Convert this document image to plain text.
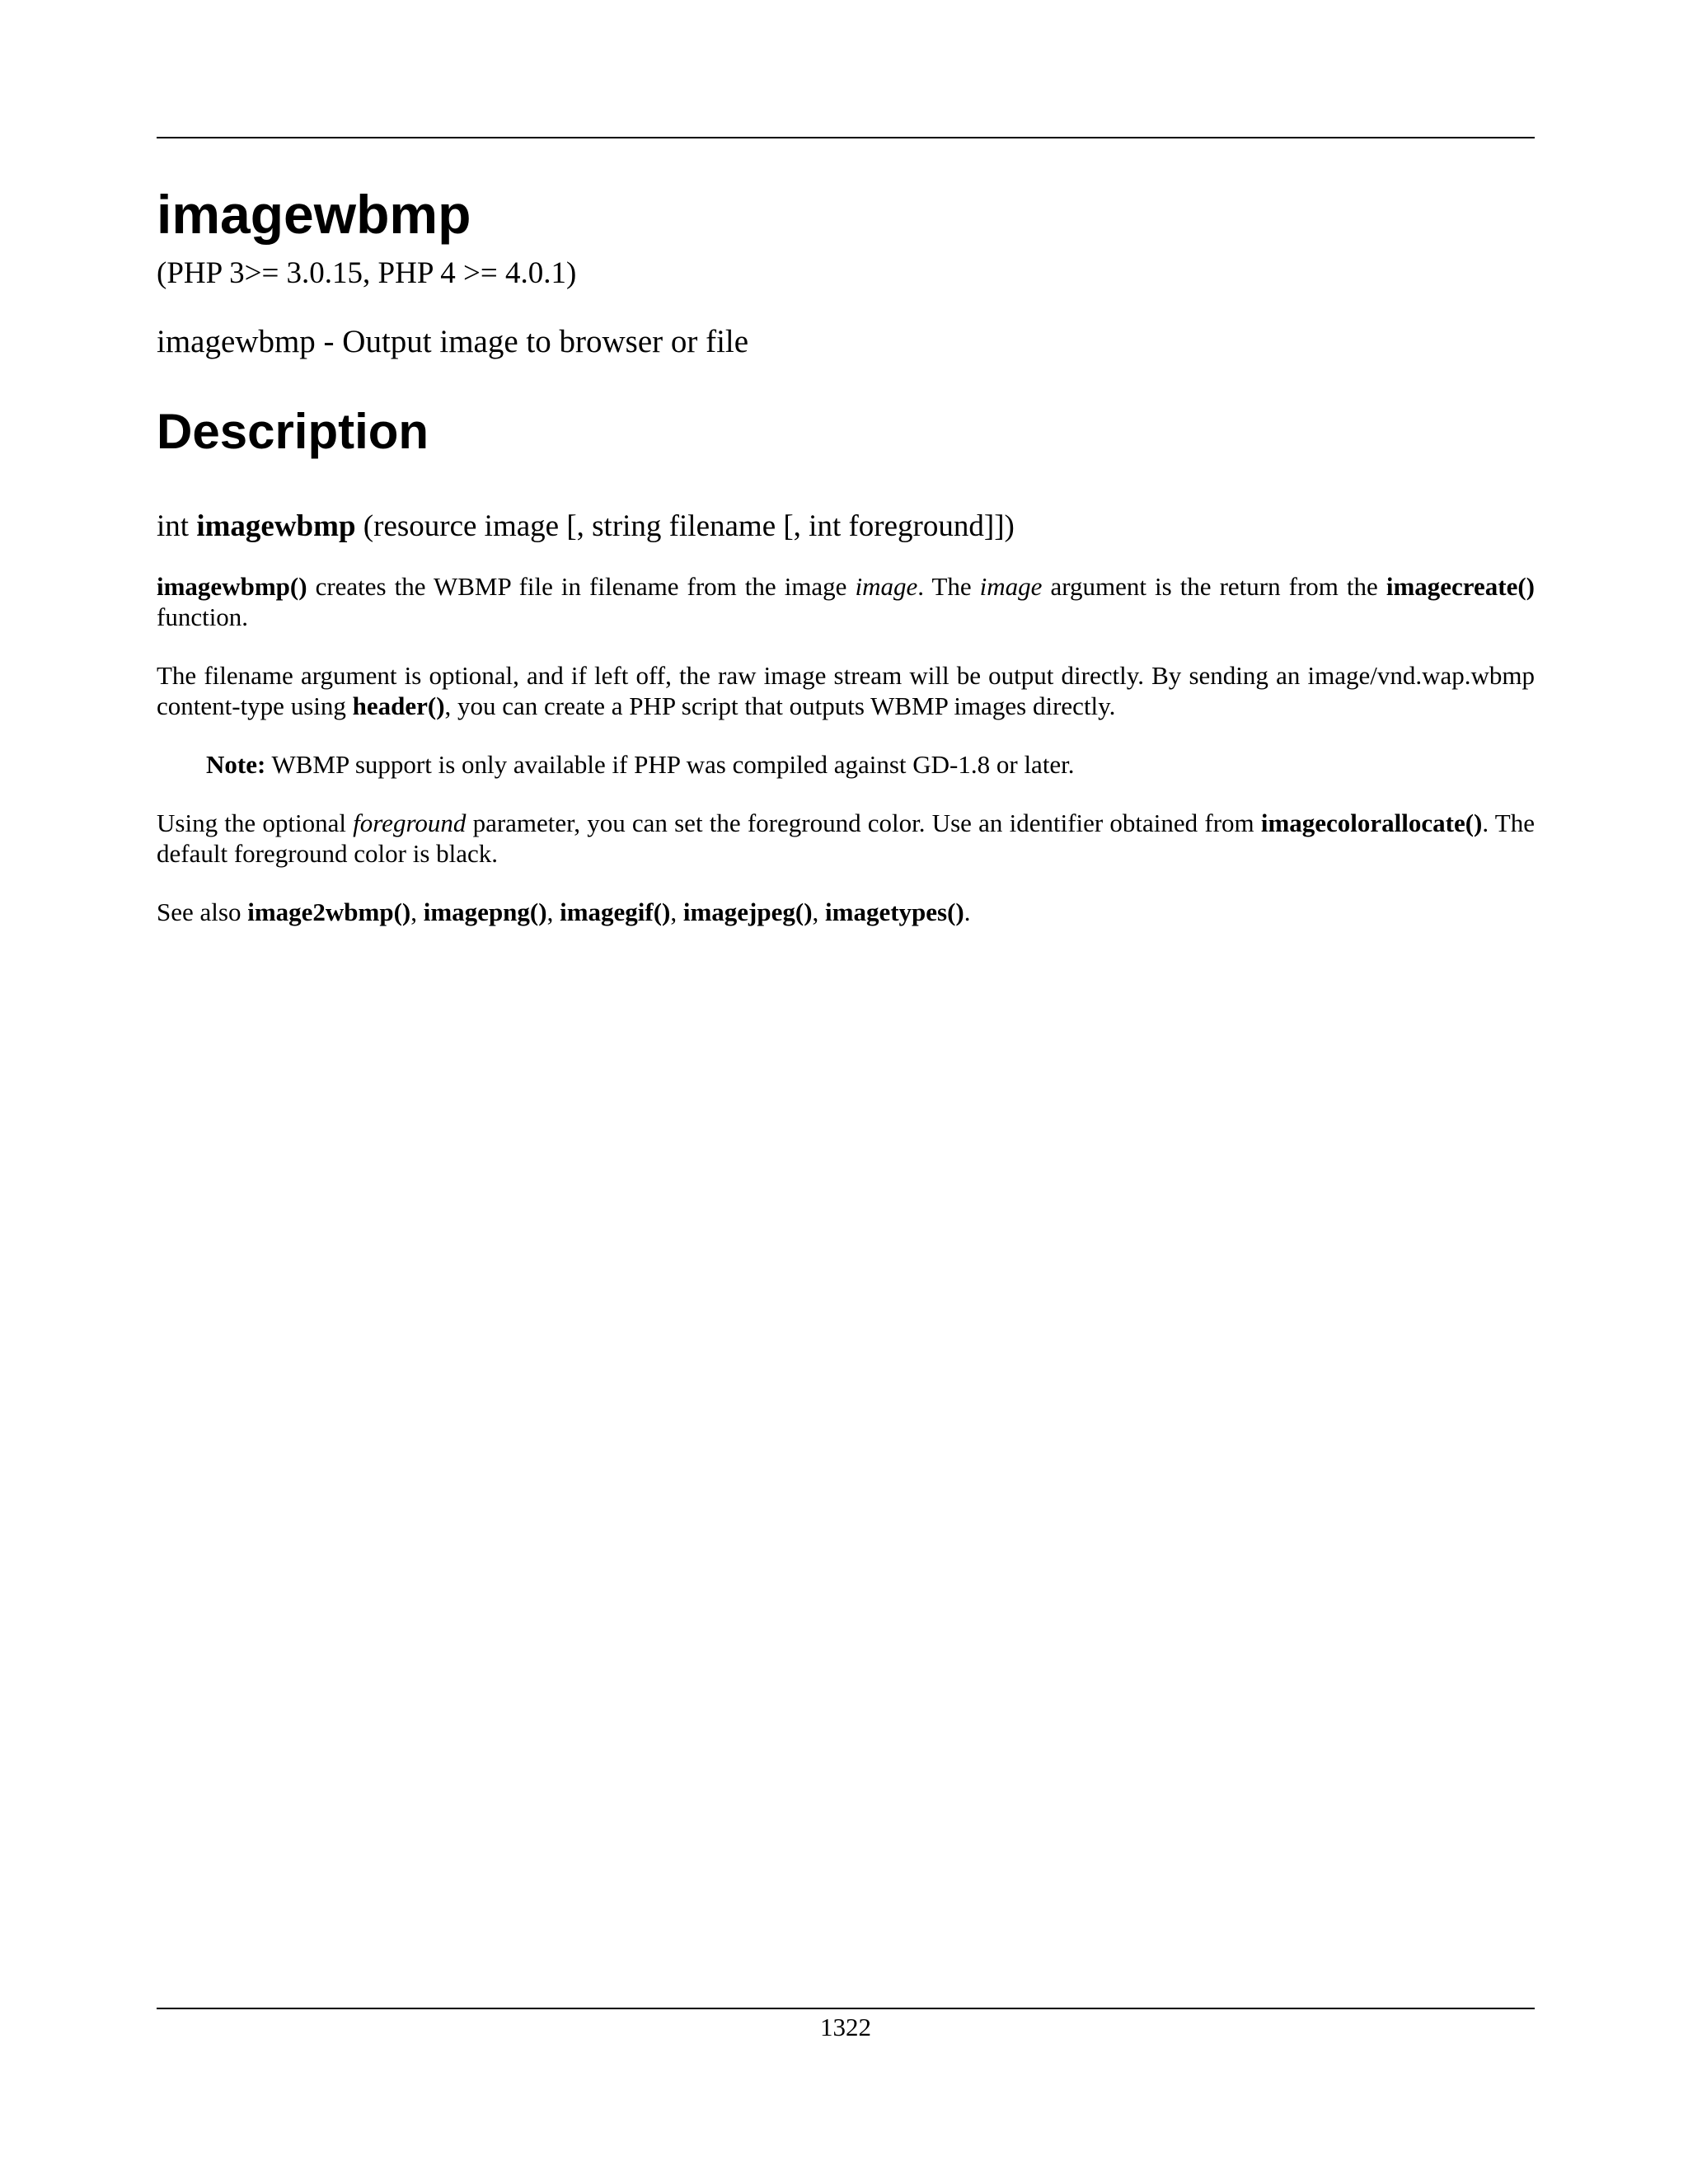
imagewbmp

(PHP 3>= 3.0.15, PHP 4 >= 4.0.1)

imagewbmp - Output image to browser or file

Description

int imagewbmp (resource image [, string filename [, int foreground]])

imagewbmp() creates the WBMP file in filename from the image image. The image argument is the return from the imagecreate() function.

The filename argument is optional, and if left off, the raw image stream will be output directly. By sending an image/​vnd.wap.wbmp content-type using header(), you can create a PHP script that outputs WBMP images directly.

Note: WBMP support is only available if PHP was compiled against GD-1.8 or later.

Using the optional foreground parameter, you can set the foreground color. Use an identifier obtained from imagecolorallocate(). The default foreground color is black.

See also image2wbmp(), imagepng(), imagegif(), imagejpeg(), imagetypes().

1322
